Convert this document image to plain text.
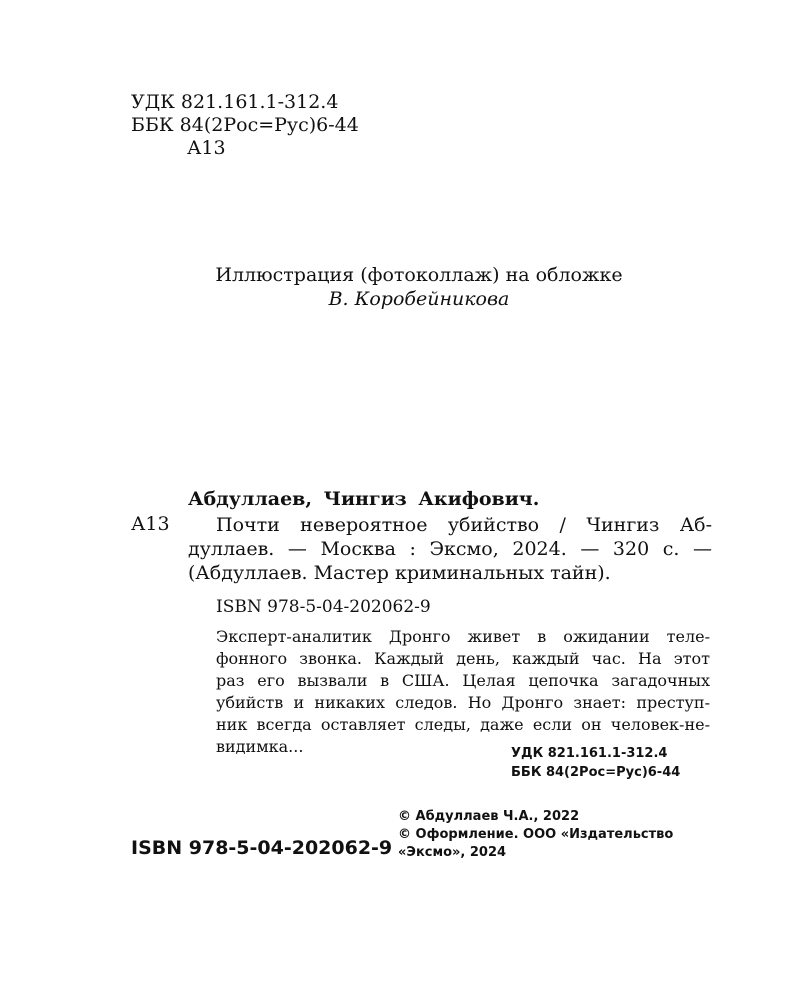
УДК 821.161.1-312.4
ББК 84(2Рос=Рус)6-44
А13
Иллюстрация (фотоколлаж) на обложке
В. Коробейникова
Абдуллаев, Чингиз Акифович.
А13 Почти невероятное убийство / Чингиз Аб-
дуллаев. — Москва : Эксмо, 2024. — 320 с. —
(Абдуллаев. Мастер криминальных тайн).
ISBN 978-5-04-202062-9
Эксперт-аналитик Дронго живет в ожидании теле-
фонного звонка. Каждый день, каждый час. На этот
раз его вызвали в США. Целая цепочка загадочных
убийств и никаких следов. Но Дронго знает: преступ-
ник всегда оставляет следы, даже если он человек-не-
видимка...	УДК 821.161.1-312.4
ББК 84(2Рос=Рус)6-44
© Абдуллаев Ч.А., 2022
© Оформление. ООО «Издательство
«Эксмо», 2024
ISBN 978-5-04-202062-9
